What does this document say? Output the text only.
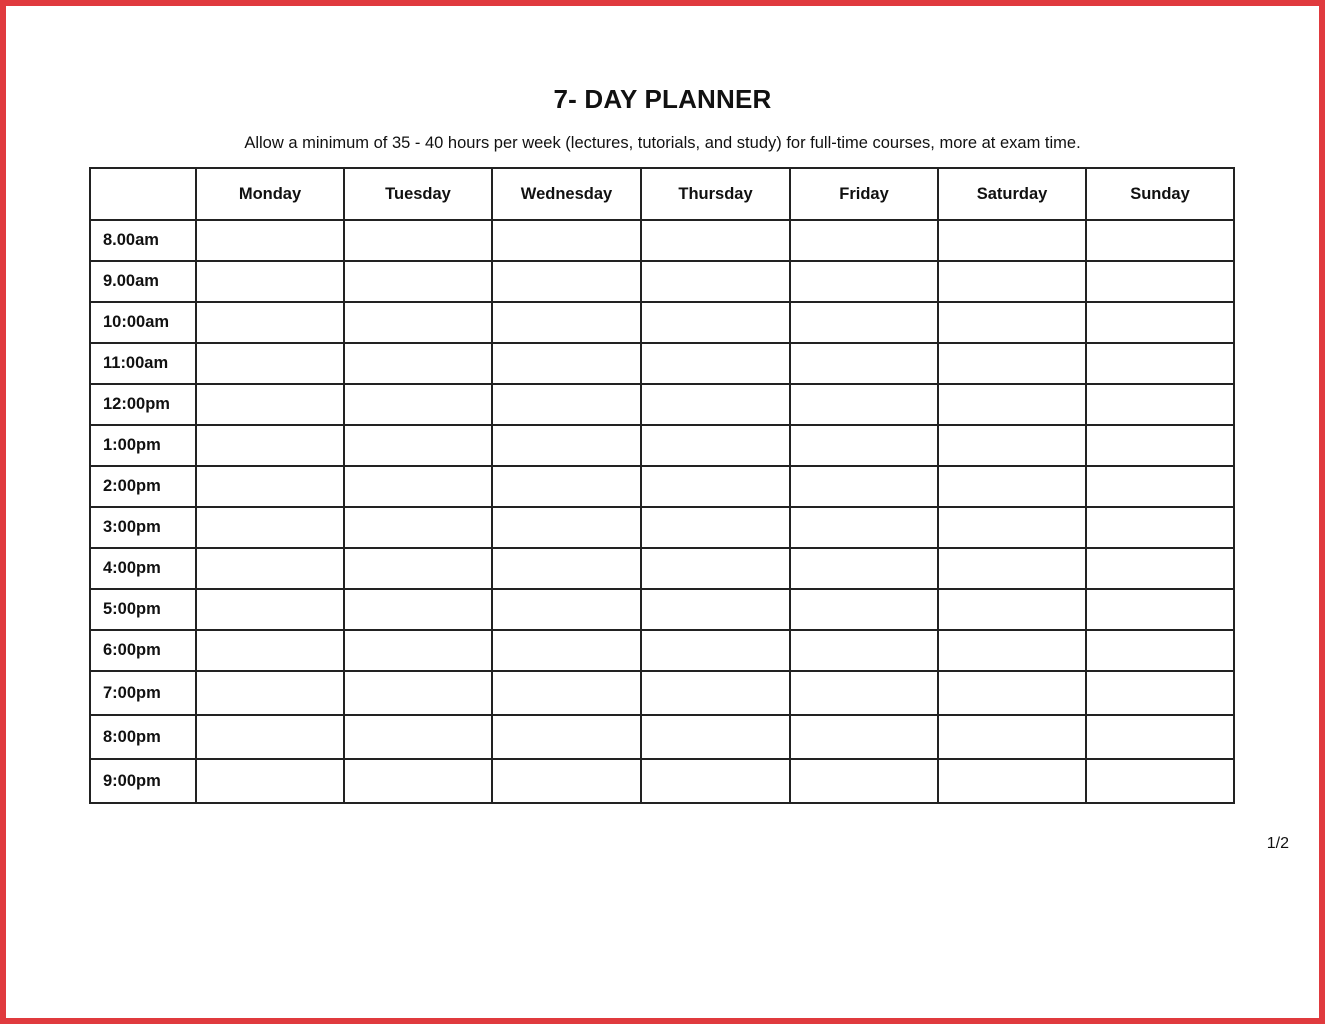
7- DAY PLANNER
Allow a minimum of 35 - 40 hours per week (lectures, tutorials, and study) for full-time courses, more at exam time.
	Monday	Tuesday	Wednesday	Thursday	Friday	Saturday	Sunday
8.00am							
9.00am							
10:00am							
11:00am							
12:00pm							
1:00pm							
2:00pm							
3:00pm							
4:00pm							
5:00pm							
6:00pm							
7:00pm							
8:00pm							
9:00pm							
1/2
